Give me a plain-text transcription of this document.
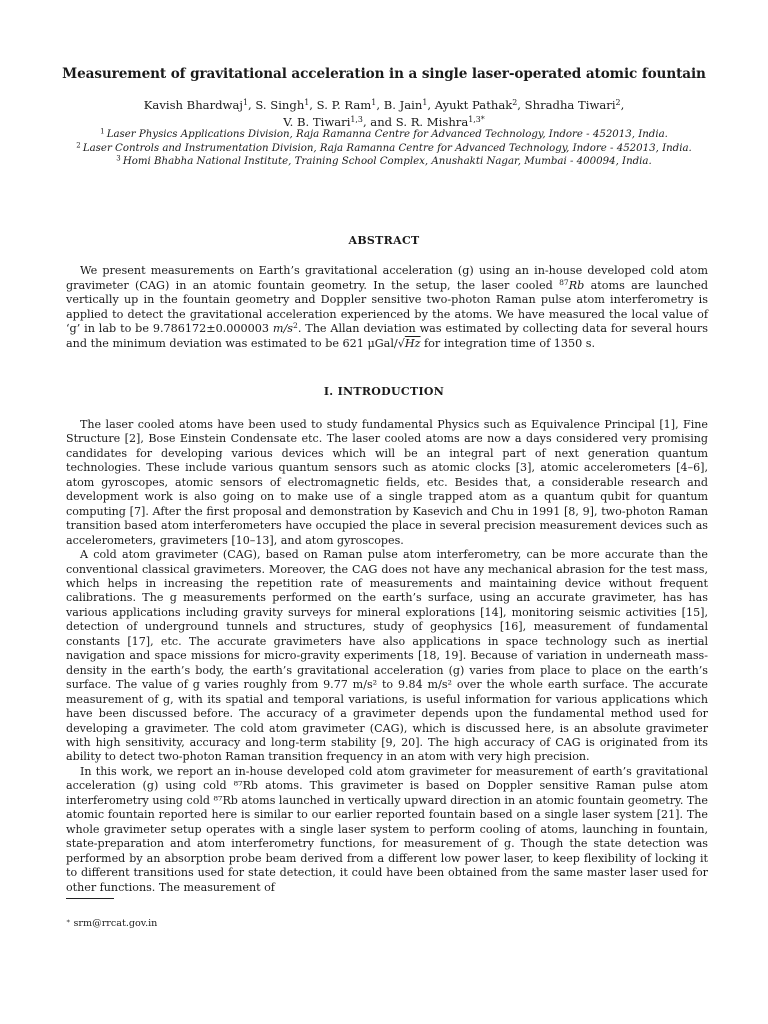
Measurement of gravitational acceleration in a single laser-operated atomic fountain
Kavish Bhardwaj$^1$, S. Singh$^1$, S. P. Ram$^1$, B. Jain$^1$, Ayukt Pathak$^2$, Shradha Tiwari$^2$,
V. B. Tiwari$^{1,3}$, and S. R. Mishra$^{1,3*}$
$^1$ Laser Physics Applications Division, Raja Ramanna Centre for Advanced Technology, Indore - 452013, India.
$^2$ Laser Controls and Instrumentation Division, Raja Ramanna Centre for Advanced Technology, Indore - 452013, India.
$^3$ Homi Bhabha National Institute, Training School Complex, Anushakti Nagar, Mumbai - 400094, India.
ABSTRACT

We present measurements on Earth’s gravitational acceleration (g) using an in-house developed cold atom gravimeter (CAG) in an atomic fountain geometry. In the setup, the laser cooled $^{87}$Rb atoms are launched vertically up in the fountain geometry and Doppler sensitive two-photon Raman pulse atom interferometry is applied to detect the gravitational acceleration experienced by the atoms. We have measured the local value of ‘g’ in lab to be 9.786172±0.000003 $m/s^2$. The Allan deviation was estimated by collecting data for several hours and the minimum deviation was estimated to be 621 μGal/√Hz for integration time of 1350 s.

I. INTRODUCTION

The laser cooled atoms have been used to study fundamental Physics such as Equivalence Principal [1], Fine Structure [2], Bose Einstein Condensate etc. The laser cooled atoms are now a days considered very promising candidates for developing various devices which will be an integral part of next generation quantum technologies. These include various quantum sensors such as atomic clocks [3], atomic accelerometers [4–6], atom gyroscopes, atomic sensors of electromagnetic fields, etc. Besides that, a considerable research and development work is also going on to make use of a single trapped atom as a quantum qubit for quantum computing [7]. After the first proposal and demonstration by Kasevich and Chu in 1991 [8, 9], two-photon Raman transition based atom interferometers have occupied the place in several precision measurement devices such as accelerometers, gravimeters [10–13], and atom gyroscopes.

A cold atom gravimeter (CAG), based on Raman pulse atom interferometry, can be more accurate than the conventional classical gravimeters. Moreover, the CAG does not have any mechanical abrasion for the test mass, which helps in increasing the repetition rate of measurements and maintaining device without frequent calibrations. The g measurements performed on the earth’s surface, using an accurate gravimeter, has has various applications including gravity surveys for mineral explorations [14], monitoring seismic activities [15], detection of underground tunnels and structures, study of geophysics [16], measurement of fundamental constants [17], etc. The accurate gravimeters have also applications in space technology such as inertial navigation and space missions for micro-gravity experiments [18, 19]. Because of variation in underneath mass-density in the earth’s body, the earth’s gravitational acceleration (g) varies from place to place on the earth’s surface. The value of g varies roughly from 9.77 m/s² to 9.84 m/s² over the whole earth surface. The accurate measurement of g, with its spatial and temporal variations, is useful information for various applications which have been discussed before. The accuracy of a gravimeter depends upon the fundamental method used for developing a gravimeter. The cold atom gravimeter (CAG), which is discussed here, is an absolute gravimeter with high sensitivity, accuracy and long-term stability [9, 20]. The high accuracy of CAG is originated from its ability to detect two-photon Raman transition frequency in an atom with very high precision.

In this work, we report an in-house developed cold atom gravimeter for measurement of earth’s gravitational acceleration (g) using cold ⁸⁷Rb atoms. This gravimeter is based on Doppler sensitive Raman pulse atom interferometry using cold ⁸⁷Rb atoms launched in vertically upward direction in an atomic fountain geometry. The atomic fountain reported here is similar to our earlier reported fountain based on a single laser system [21]. The whole gravimeter setup operates with a single laser system to perform cooling of atoms, launching in fountain, state-preparation and atom interferometry functions, for measurement of g. Though the state detection was performed by an absorption probe beam derived from a different low power laser, to keep flexibility of locking it to different transitions used for state detection, it could have been obtained from the same master laser used for other functions. The measurement of

∗ srm@rrcat.gov.in
